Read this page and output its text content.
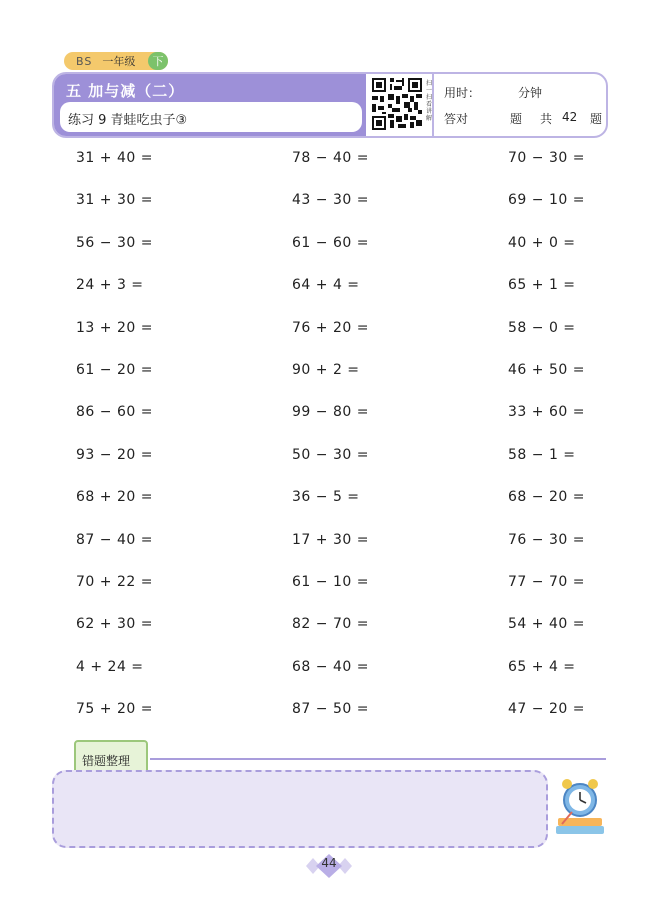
BS 一年级	下
五 加与减（二）
练习 9 青蛙吃虫子③
扫一扫看讲解
用时：	分钟
答对	题 共 42 题
31 + 40 =	78 − 40 =	70 − 30 =
31 + 30 =	43 − 30 =	69 − 10 =
56 − 30 =	61 − 60 =	40 + 0 =
24 + 3 =	64 + 4 =	65 + 1 =
13 + 20 =	76 + 20 =	58 − 0 =
61 − 20 =	90 + 2 =	46 + 50 =
86 − 60 =	99 − 80 =	33 + 60 =
93 − 20 =	50 − 30 =	58 − 1 =
68 + 20 =	36 − 5 =	68 − 20 =
87 − 40 =	17 + 30 =	76 − 30 =
70 + 22 =	61 − 10 =	77 − 70 =
62 + 30 =	82 − 70 =	54 + 40 =
4 + 24 =	68 − 40 =	65 + 4 =
75 + 20 =	87 − 50 =	47 − 20 =
错题整理
44
